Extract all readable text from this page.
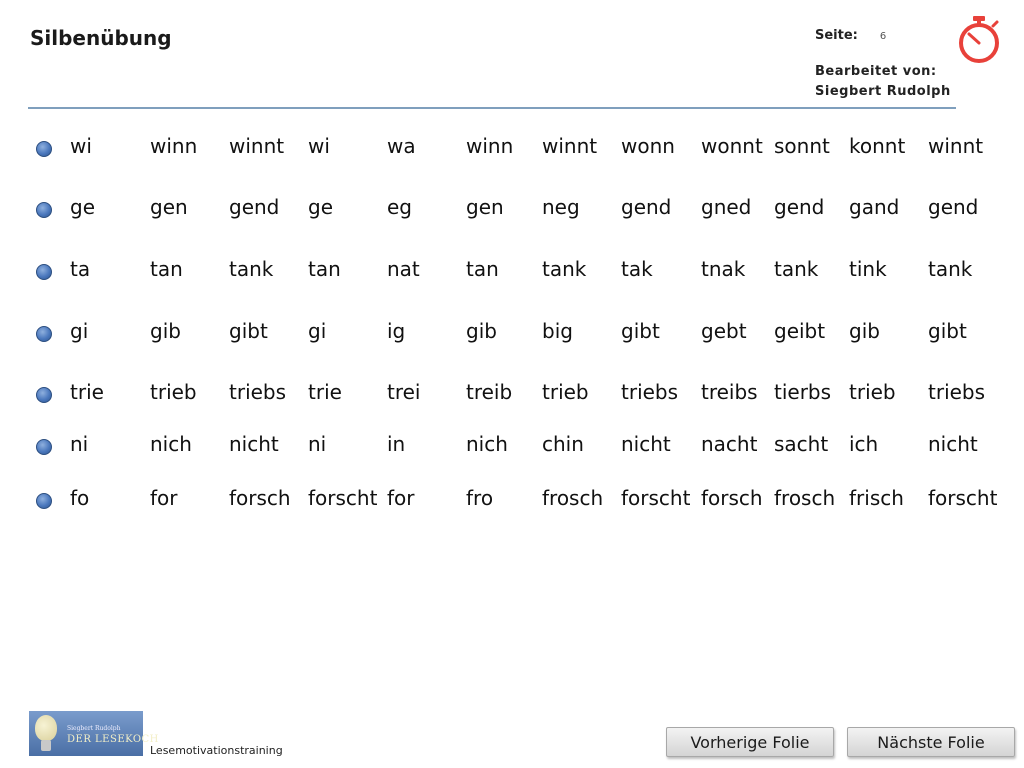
Silbenübung	Seite: 6
Bearbeitet von:
Siegbert Rudolph
wi	winn winnt wi	wa	winn winnt wonn wonnt sonnt konnt winnt
ge	gen gend ge	eg	gen neg gend gned gend gand gend
ta	tan tank tan nat tan tank tak tnak tank tink tank
gi	gib gibt gi	ig	gib big gibt gebt geibt gib gibt
trie trieb triebs trie trei treib trieb triebs treibs tierbs trieb triebs
ni	nich nicht ni	in	nich chin nicht nacht sacht ich nicht
fo	for	forsch forscht for	fro frosch forscht forsch frosch frisch forscht
Siegbert Rudolph
DER LESEKOCH
Lesemotivationstraining	Vorherige Folie	Nächste Folie
